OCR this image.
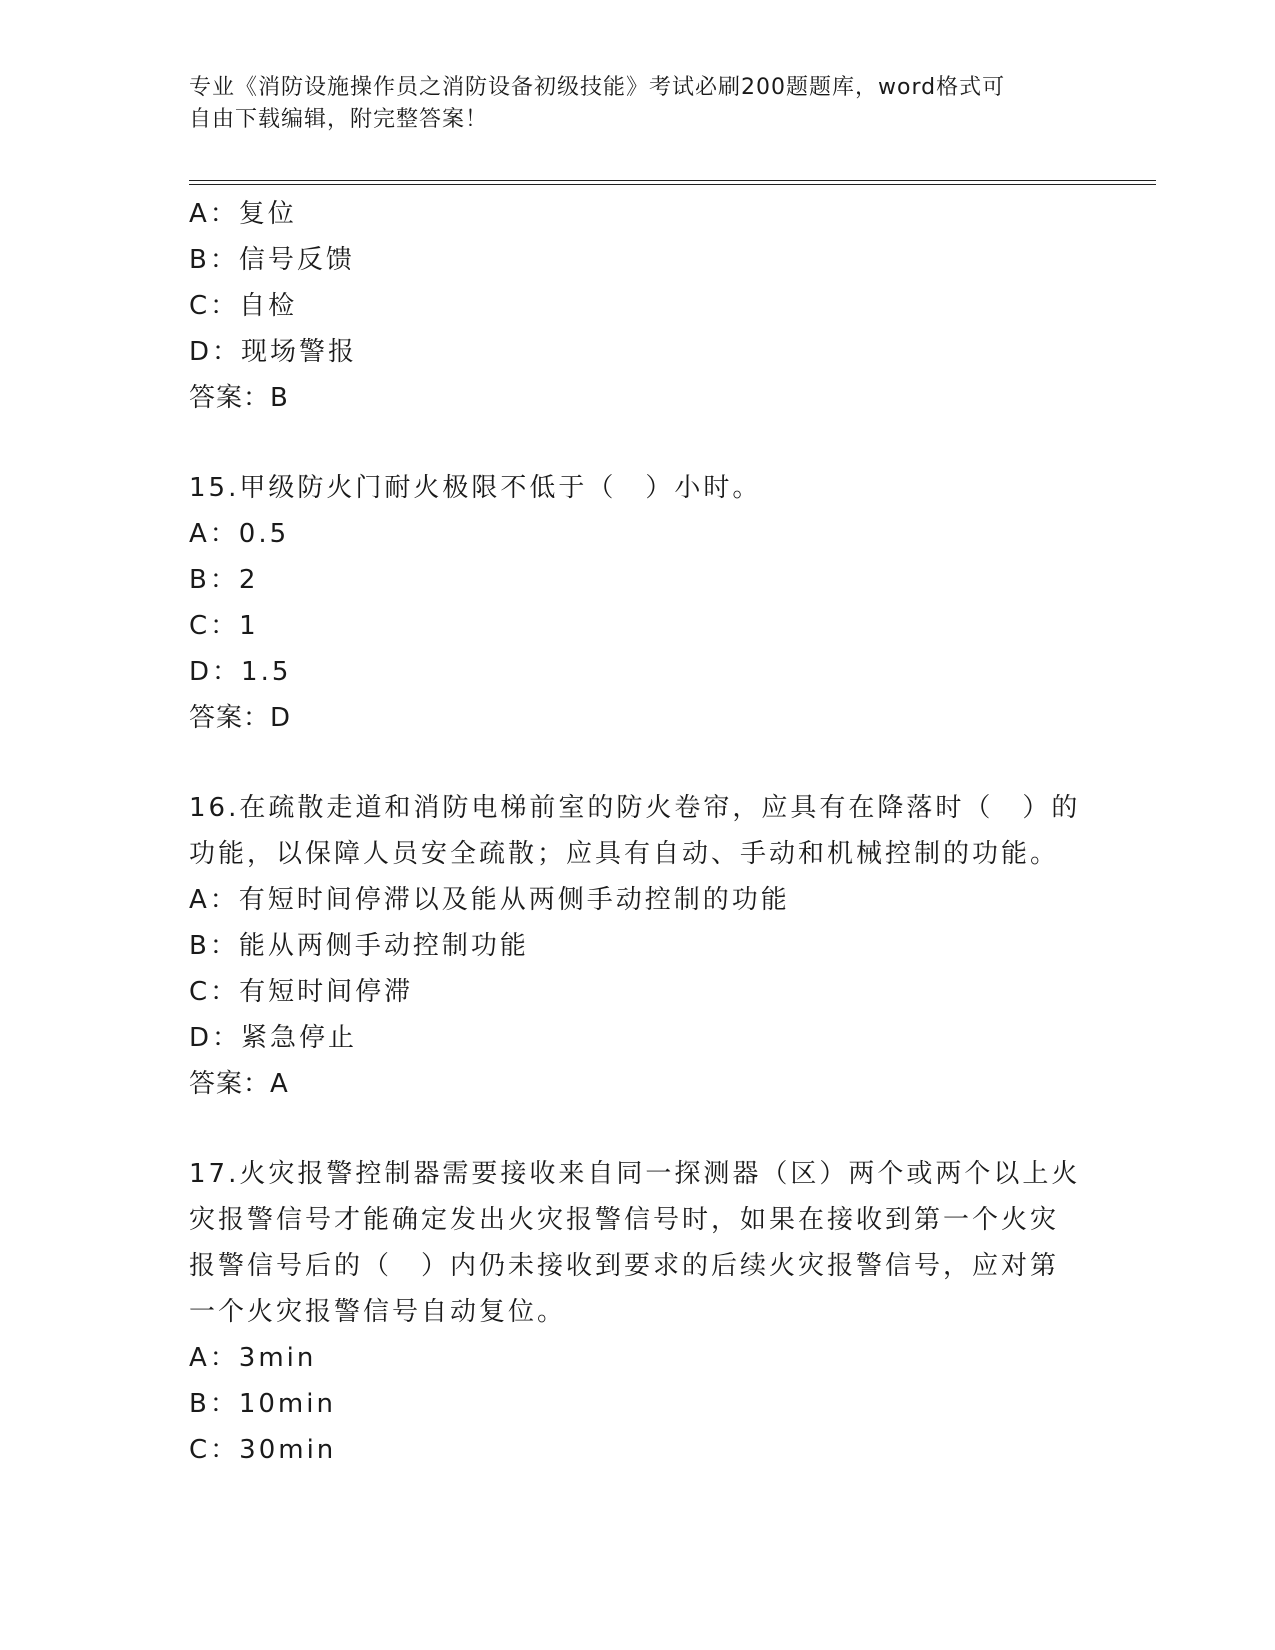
专业《消防设施操作员之消防设备初级技能》考试必刷200题题库，word格式可
自由下载编辑，附完整答案！
A：复位
B：信号反馈
C：自检
D：现场警报
答案：B
15.甲级防火门耐火极限不低于（　）小时。
A：0.5
B：2
C：1
D：1.5
答案：D
16.在疏散走道和消防电梯前室的防火卷帘，应具有在降落时（　）的
功能，以保障人员安全疏散；应具有自动、手动和机械控制的功能。
A：有短时间停滞以及能从两侧手动控制的功能
B：能从两侧手动控制功能
C：有短时间停滞
D：紧急停止
答案：A
17.火灾报警控制器需要接收来自同一探测器（区）两个或两个以上火
灾报警信号才能确定发出火灾报警信号时，如果在接收到第一个火灾
报警信号后的（　）内仍未接收到要求的后续火灾报警信号，应对第
一个火灾报警信号自动复位。
A：3min
B：10min
C：30min
